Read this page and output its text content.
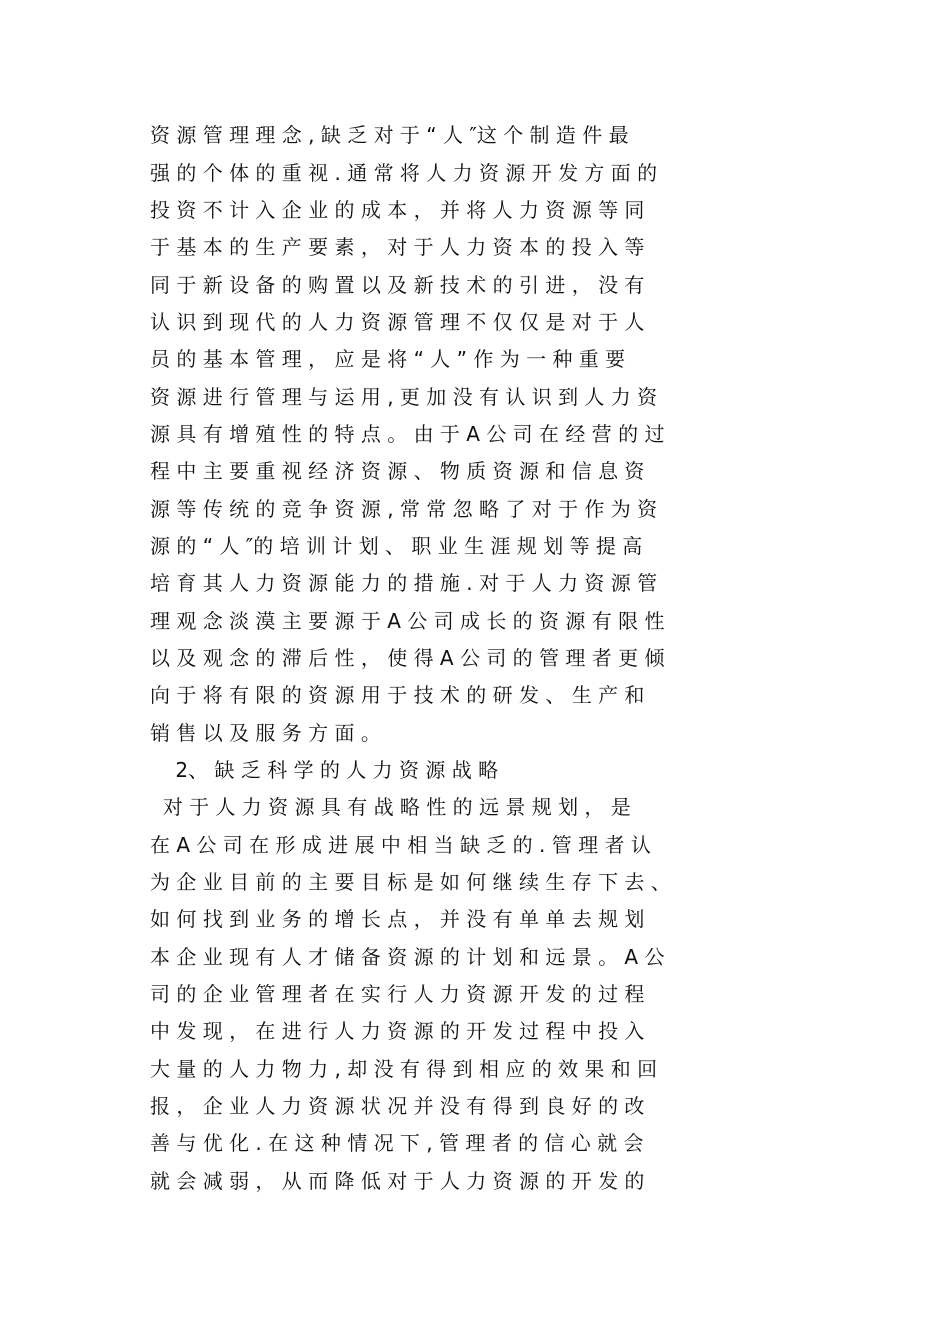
资 源 管 理 理 念 , 缺 乏 对 于 “ 人 ″这 个 制 造 件 最
强 的 个 体 的 重 视 . 通 常 将 人 力 资 源 开 发 方 面 的
投 资 不 计 入 企 业 的 成 本 ， 并 将 人 力 资 源 等 同
于 基 本 的 生 产 要 素 ， 对 于 人 力 资 本 的 投 入 等
同 于 新 设 备 的 购 置 以 及 新 技 术 的 引 进 ， 没 有
认 识 到 现 代 的 人 力 资 源 管 理 不 仅 仅 是 对 于 人
员 的 基 本 管 理 ， 应 是 将 “ 人 ” 作 为 一 种 重 要
资 源 进 行 管 理 与 运 用 , 更 加 没 有 认 识 到 人 力 资
源 具 有 增 殖 性 的 特 点 。 由 于 A 公 司 在 经 营 的 过
程 中 主 要 重 视 经 济 资 源 、 物 质 资 源 和 信 息 资
源 等 传 统 的 竞 争 资 源 , 常 常 忽 略 了 对 于 作 为 资
源 的 “ 人 ″的 培 训 计 划 、 职 业 生 涯 规 划 等 提 高
培 育 其 人 力 资 源 能 力 的 措 施 . 对 于 人 力 资 源 管
理 观 念 淡 漠 主 要 源 于 A 公 司 成 长 的 资 源 有 限 性
以 及 观 念 的 滞 后 性 ， 使 得 A 公 司 的 管 理 者 更 倾
向 于 将 有 限 的 资 源 用 于 技 术 的 研 发 、 生 产 和
销 售 以 及 服 务 方 面 。
2、 缺 乏 科 学 的 人 力 资 源 战 略
对 于 人 力 资 源 具 有 战 略 性 的 远 景 规 划 ， 是
在 A 公 司 在 形 成 进 展 中 相 当 缺 乏 的 . 管 理 者 认
为 企 业 目 前 的 主 要 目 标 是 如 何 继 续 生 存 下 去 、
如 何 找 到 业 务 的 增 长 点 ， 并 没 有 单 单 去 规 划
本 企 业 现 有 人 才 储 备 资 源 的 计 划 和 远 景 。 A 公
司 的 企 业 管 理 者 在 实 行 人 力 资 源 开 发 的 过 程
中 发 现 ， 在 进 行 人 力 资 源 的 开 发 过 程 中 投 入
大 量 的 人 力 物 力 , 却 没 有 得 到 相 应 的 效 果 和 回
报 ， 企 业 人 力 资 源 状 况 并 没 有 得 到 良 好 的 改
善 与 优 化 . 在 这 种 情 况 下 , 管 理 者 的 信 心 就 会
就 会 减 弱 ， 从 而 降 低 对 于 人 力 资 源 的 开 发 的
